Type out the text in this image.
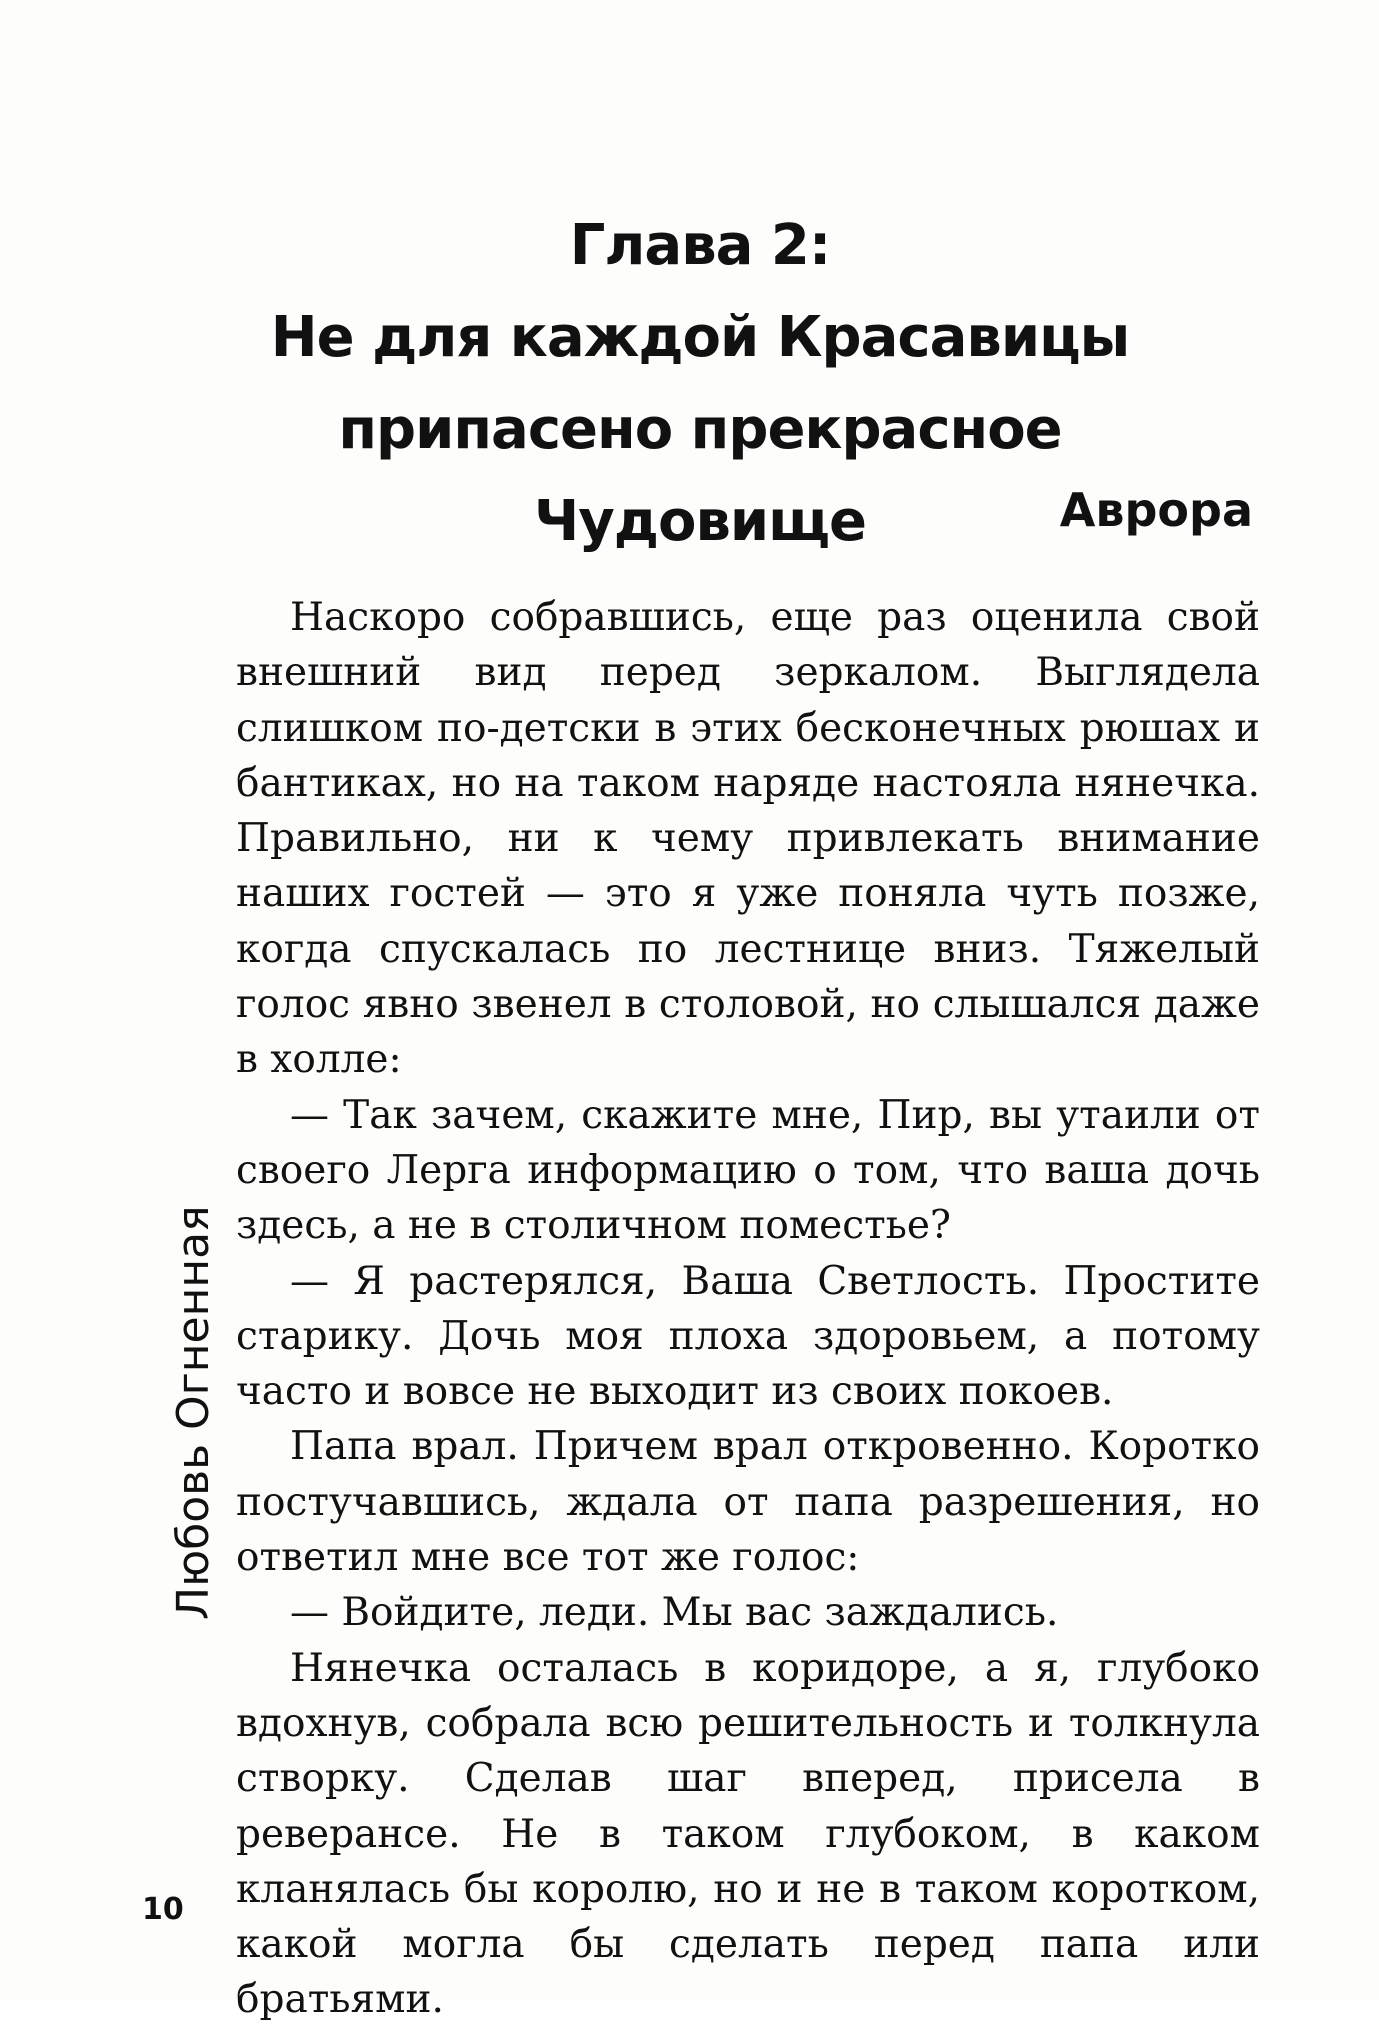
Глава 2:
Не для каждой Красавицы
припасено прекрасное Чудовище	Аврора

Наскоро собравшись, еще раз оценила свой внешний вид перед зеркалом. Выглядела слишком по-детски в этих бесконечных рюшах и бантиках, но на таком наряде настояла нянечка. Правильно, ни к чему привлекать внимание наших гостей — это я уже поняла чуть позже, когда спускалась по лестнице вниз. Тяжелый голос явно звенел в столовой, но слышался даже в холле:

— Так зачем, скажите мне, Пир, вы утаили от своего Лерга информацию о том, что ваша дочь здесь, а не в столичном поместье?

— Я растерялся, Ваша Светлость. Простите старику. Дочь моя плоха здоровьем, а потому часто и вовсе не выходит из своих покоев.

Папа врал. Причем врал откровенно. Коротко постучавшись, ждала от папа разрешения, но ответил мне все тот же голос:

— Войдите, леди. Мы вас заждались.

Нянечка осталась в коридоре, а я, глубоко вдохнув, собрала всю решительность и толкнула створку. Сделав шаг вперед, присела в реверансе. Не в таком глубоком, в каком кланялась бы королю, но и не в таком коротком, какой могла бы сделать перед папа или братьями.

Любовь Огненная
10
